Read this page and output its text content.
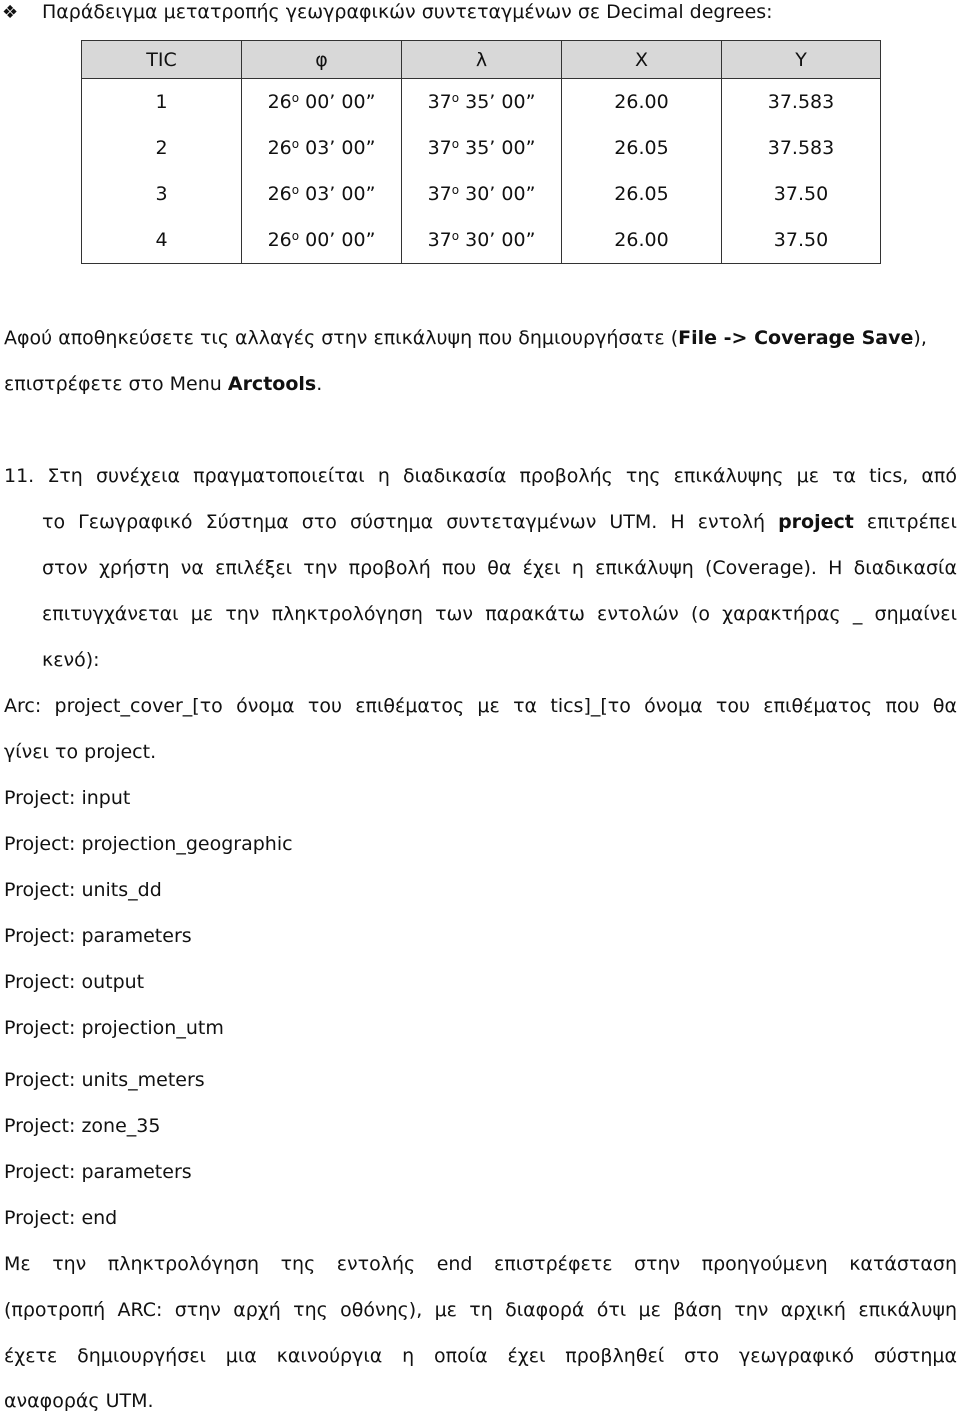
❖ Παράδειγμα μετατροπής γεωγραφικών συντεταγμένων σε Decimal degrees:
TIC	φ	λ	X	Y
1	$26^o$ 00’ 00”	$37^o$ 35’ 00”	26.00	37.583
2	$26^o$ 03’ 00”	$37^o$ 35’ 00”	26.05	37.583
3	$26^o$ 03’ 00”	$37^o$ 30’ 00”	26.05	37.50
4	$26^o$ 00’ 00”	$37^o$ 30’ 00”	26.00	37.50
Αφού αποθηκεύσετε τις αλλαγές στην επικάλυψη που δημιουργήσατε (File -> Coverage Save),
επιστρέφετε στο Menu Arctools.
11. Στη συνέχεια πραγματοποιείται η διαδικασία προβολής της επικάλυψης με τα tics, από
το Γεωγραφικό Σύστημα στο σύστημα συντεταγμένων UTM. Η εντολή project επιτρέπει
στον χρήστη να επιλέξει την προβολή που θα έχει η επικάλυψη (Coverage). Η διαδικασία
επιτυγχάνεται με την πληκτρολόγηση των παρακάτω εντολών (ο χαρακτήρας _ σημαίνει
κενό):
Arc: project_cover_[το όνομα του επιθέματος με τα tics]_[το όνομα του επιθέματος που θα
γίνει το project.
Project: input
Project: projection_geographic
Project: units_dd
Project: parameters
Project: output
Project: projection_utm
Project: units_meters
Project: zone_35
Project: parameters
Project: end
Με την πληκτρολόγηση της εντολής end επιστρέφετε στην προηγούμενη κατάσταση
(προτροπή ARC: στην αρχή της οθόνης), με τη διαφορά ότι με βάση την αρχική επικάλυψη
έχετε δημιουργήσει μια καινούργια η οποία έχει προβληθεί στο γεωγραφικό σύστημα
αναφοράς UTM.
